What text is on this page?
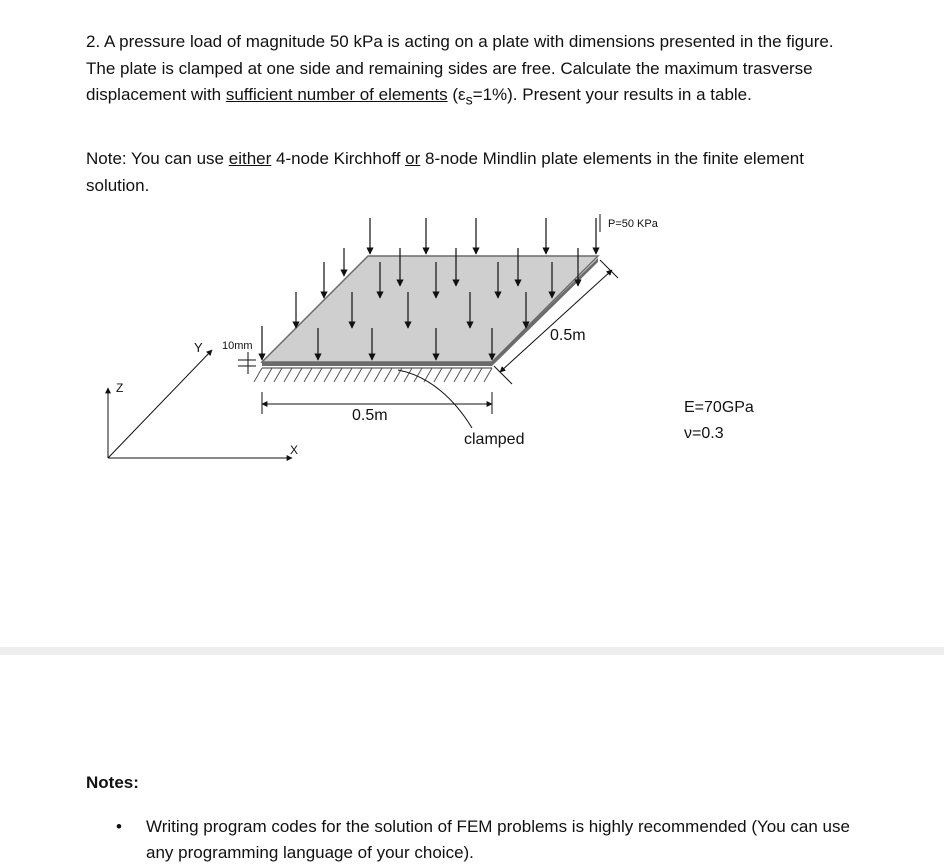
2. A pressure load of magnitude 50 kPa is acting on a plate with dimensions presented in the figure. The plate is clamped at one side and remaining sides are free. Calculate the maximum trasverse displacement with sufficient number of elements $(\varepsilon_s=1\%)$. Present your results in a table.

Note: You can use either 4-node Kirchhoff or 8-node Mindlin plate elements in the finite element solution.

P=50 KPa
0.5m
0.5m
clamped
10mm
Z
X
Y
E=70GPa
ν=0.3

Notes:

• Writing program codes for the solution of FEM problems is highly recommended (You can use any programming language of your choice).
